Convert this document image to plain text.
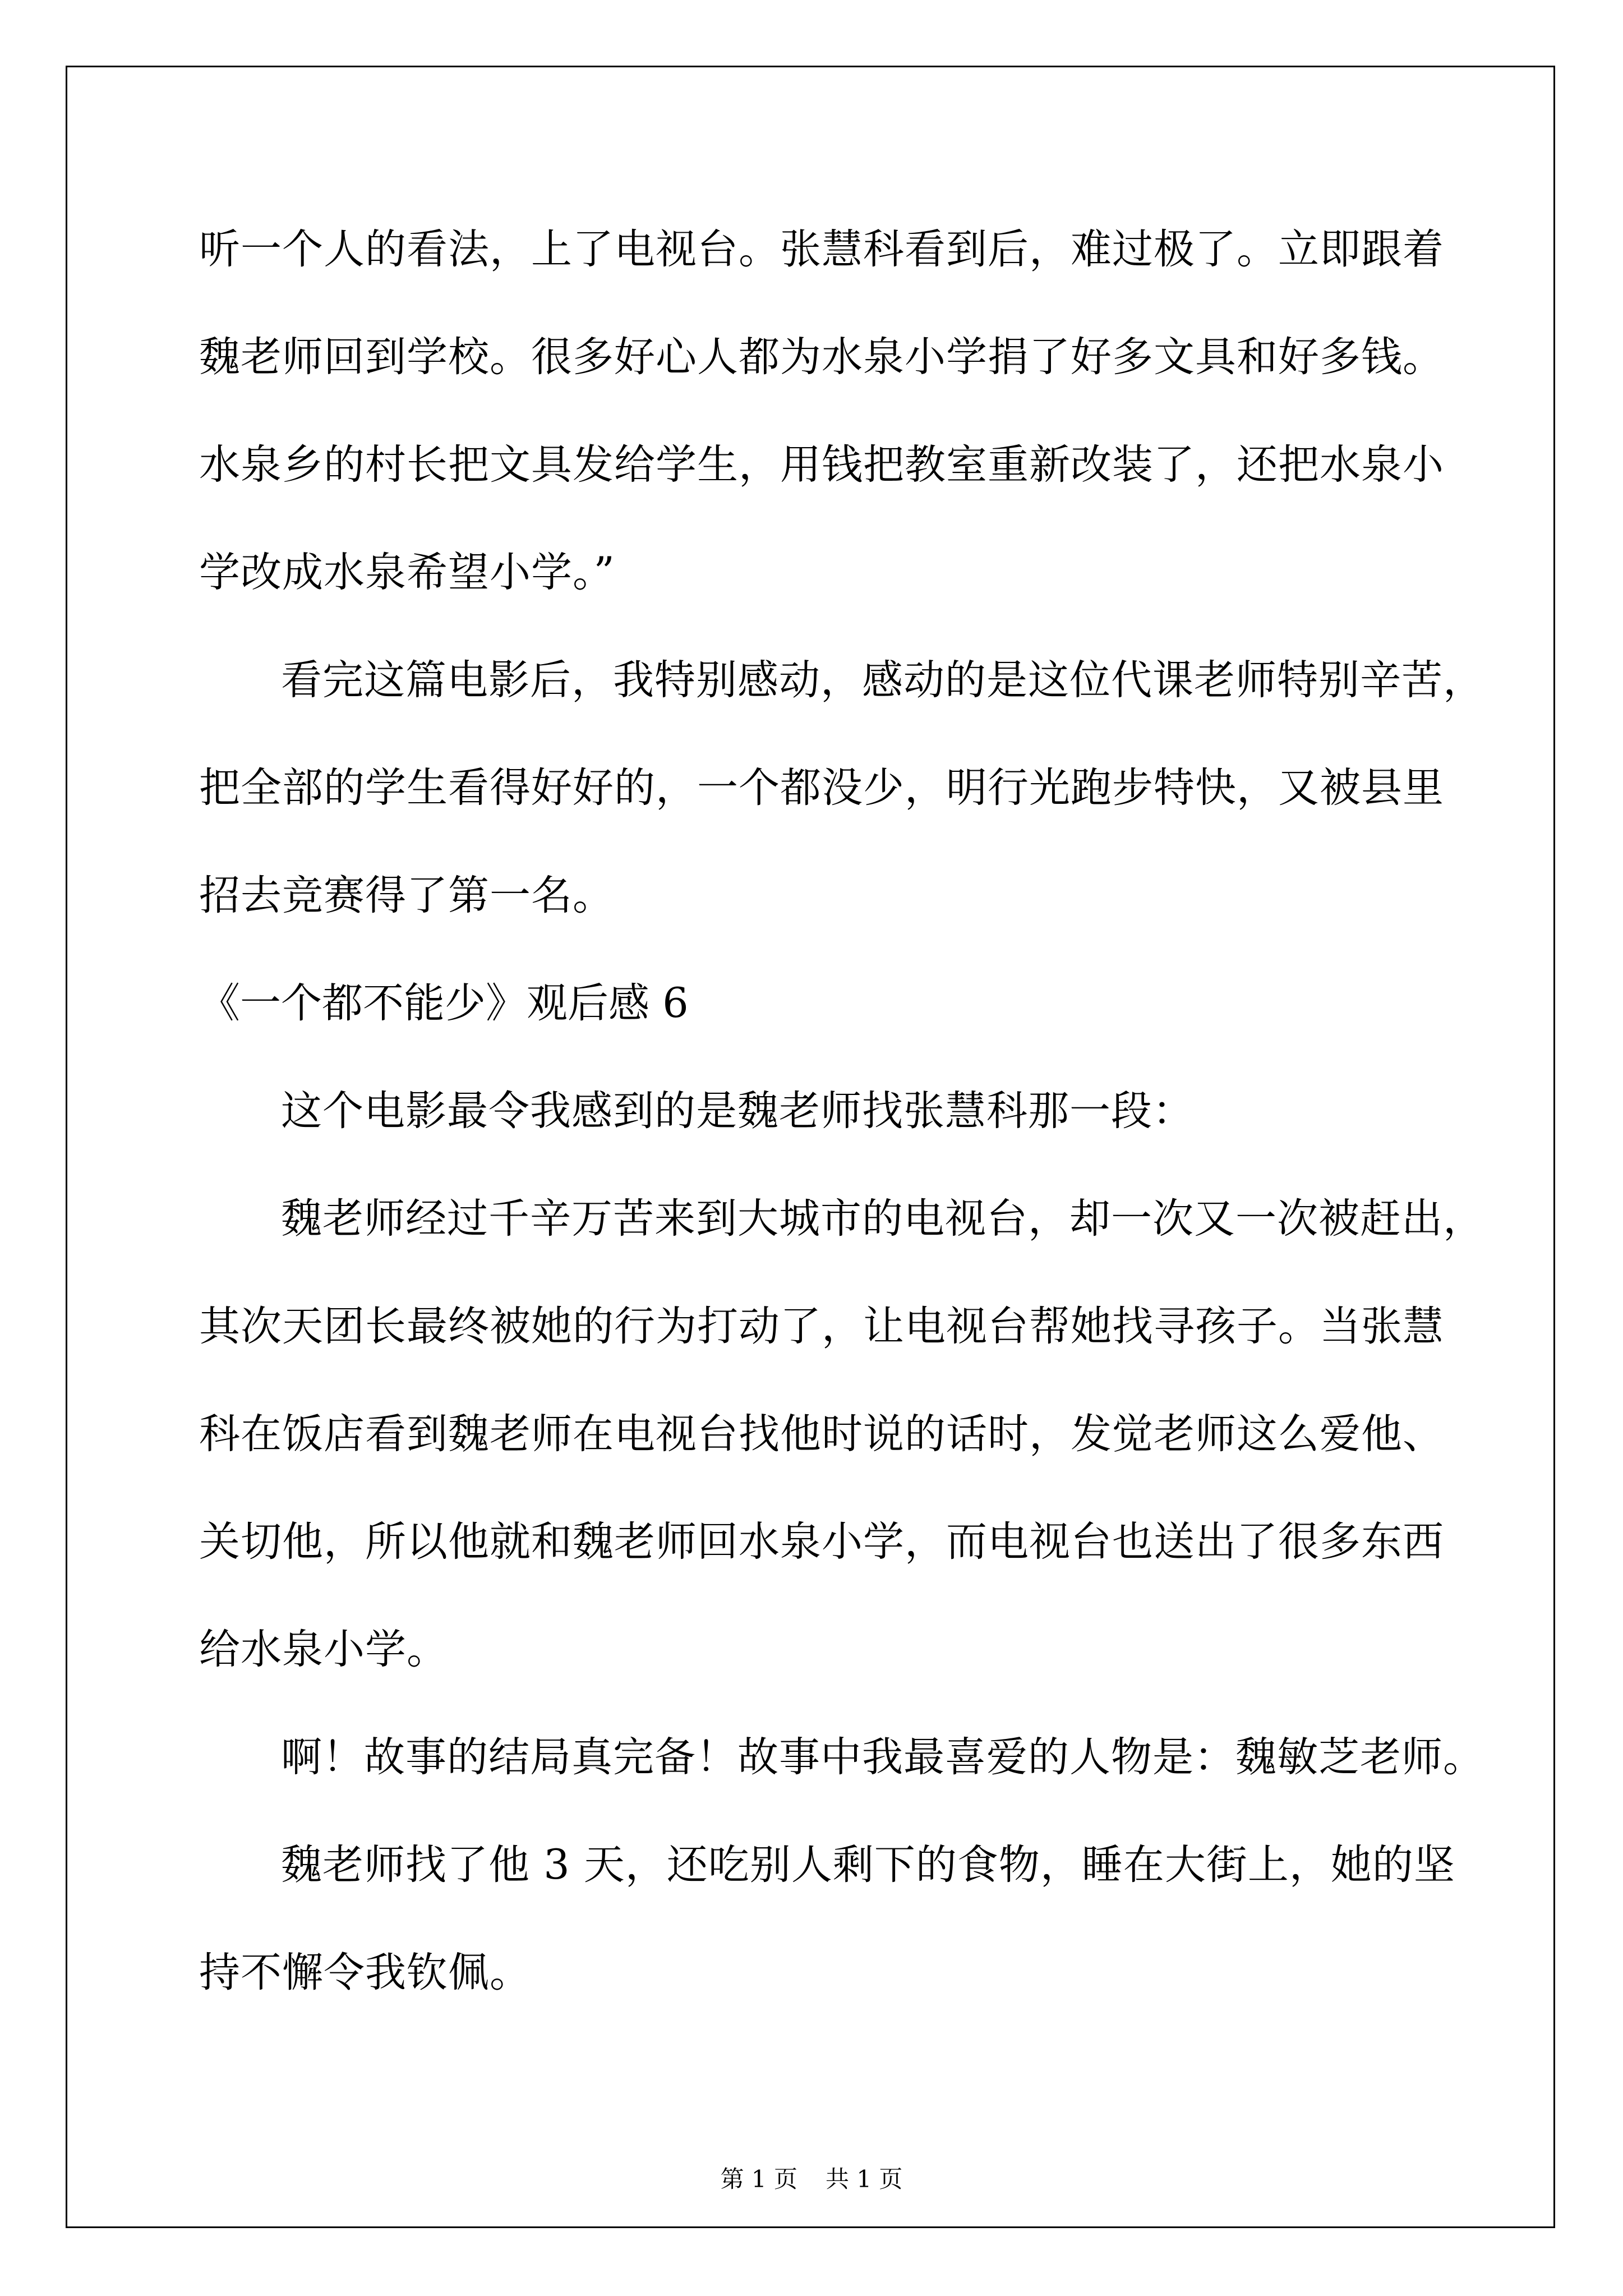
听一个人的看法，上了电视台。张慧科看到后，难过极了。立即跟着
魏老师回到学校。很多好心人都为水泉小学捐了好多文具和好多钱。
水泉乡的村长把文具发给学生，用钱把教室重新改装了，还把水泉小
学改成水泉希望小学。”
看完这篇电影后，我特别感动，感动的是这位代课老师特别辛苦，
把全部的学生看得好好的，一个都没少，明行光跑步特快，又被县里
招去竞赛得了第一名。
《一个都不能少》观后感 6
这个电影最令我感到的是魏老师找张慧科那一段：
魏老师经过千辛万苦来到大城市的电视台，却一次又一次被赶出，
其次天团长最终被她的行为打动了，让电视台帮她找寻孩子。当张慧
科在饭店看到魏老师在电视台找他时说的话时，发觉老师这么爱他、
关切他，所以他就和魏老师回水泉小学，而电视台也送出了很多东西
给水泉小学。
啊！故事的结局真完备！故事中我最喜爱的人物是：魏敏芝老师。
魏老师找了他 3 天，还吃别人剩下的食物，睡在大街上，她的坚
持不懈令我钦佩。
第 1 页 共 1 页
